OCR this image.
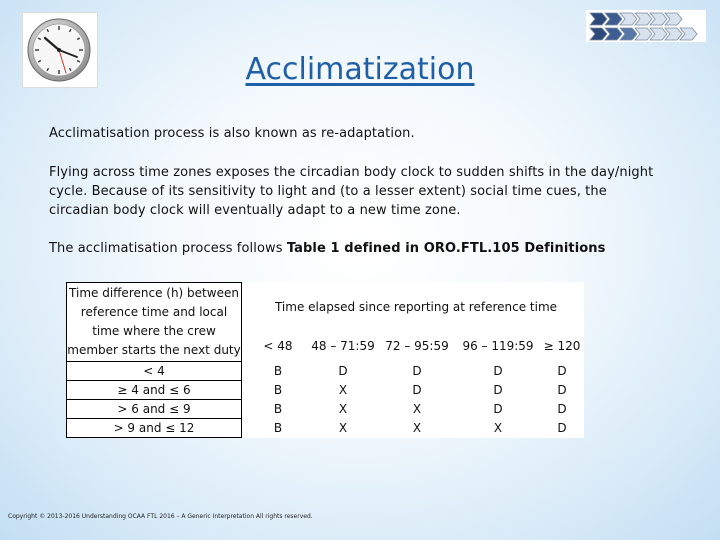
Acclimatization
Acclimatisation process is also known as re-adaptation.
Flying across time zones exposes the circadian body clock to sudden shifts in the day/night cycle. Because of its sensitivity to light and (to a lesser extent) social time cues, the circadian body clock will eventually adapt to a new time zone.
The acclimatisation process follows Table 1 defined in ORO.FTL.105 Definitions
Time difference (h) between reference time and local time where the crew member starts the next duty		Time elapsed since reporting at reference time				
		< 48	48 – 71:59	72 – 95:59	96 – 119:59	≥ 120
< 4		B	D	D	D	D
≥ 4 and ≤ 6		B	X	D	D	D
> 6 and ≤ 9		B	X	X	D	D
> 9 and ≤ 12		B	X	X	X	D
Copyright © 2013-2016 Understanding OCAA FTL 2016 – A Generic Interpretation All rights reserved.
